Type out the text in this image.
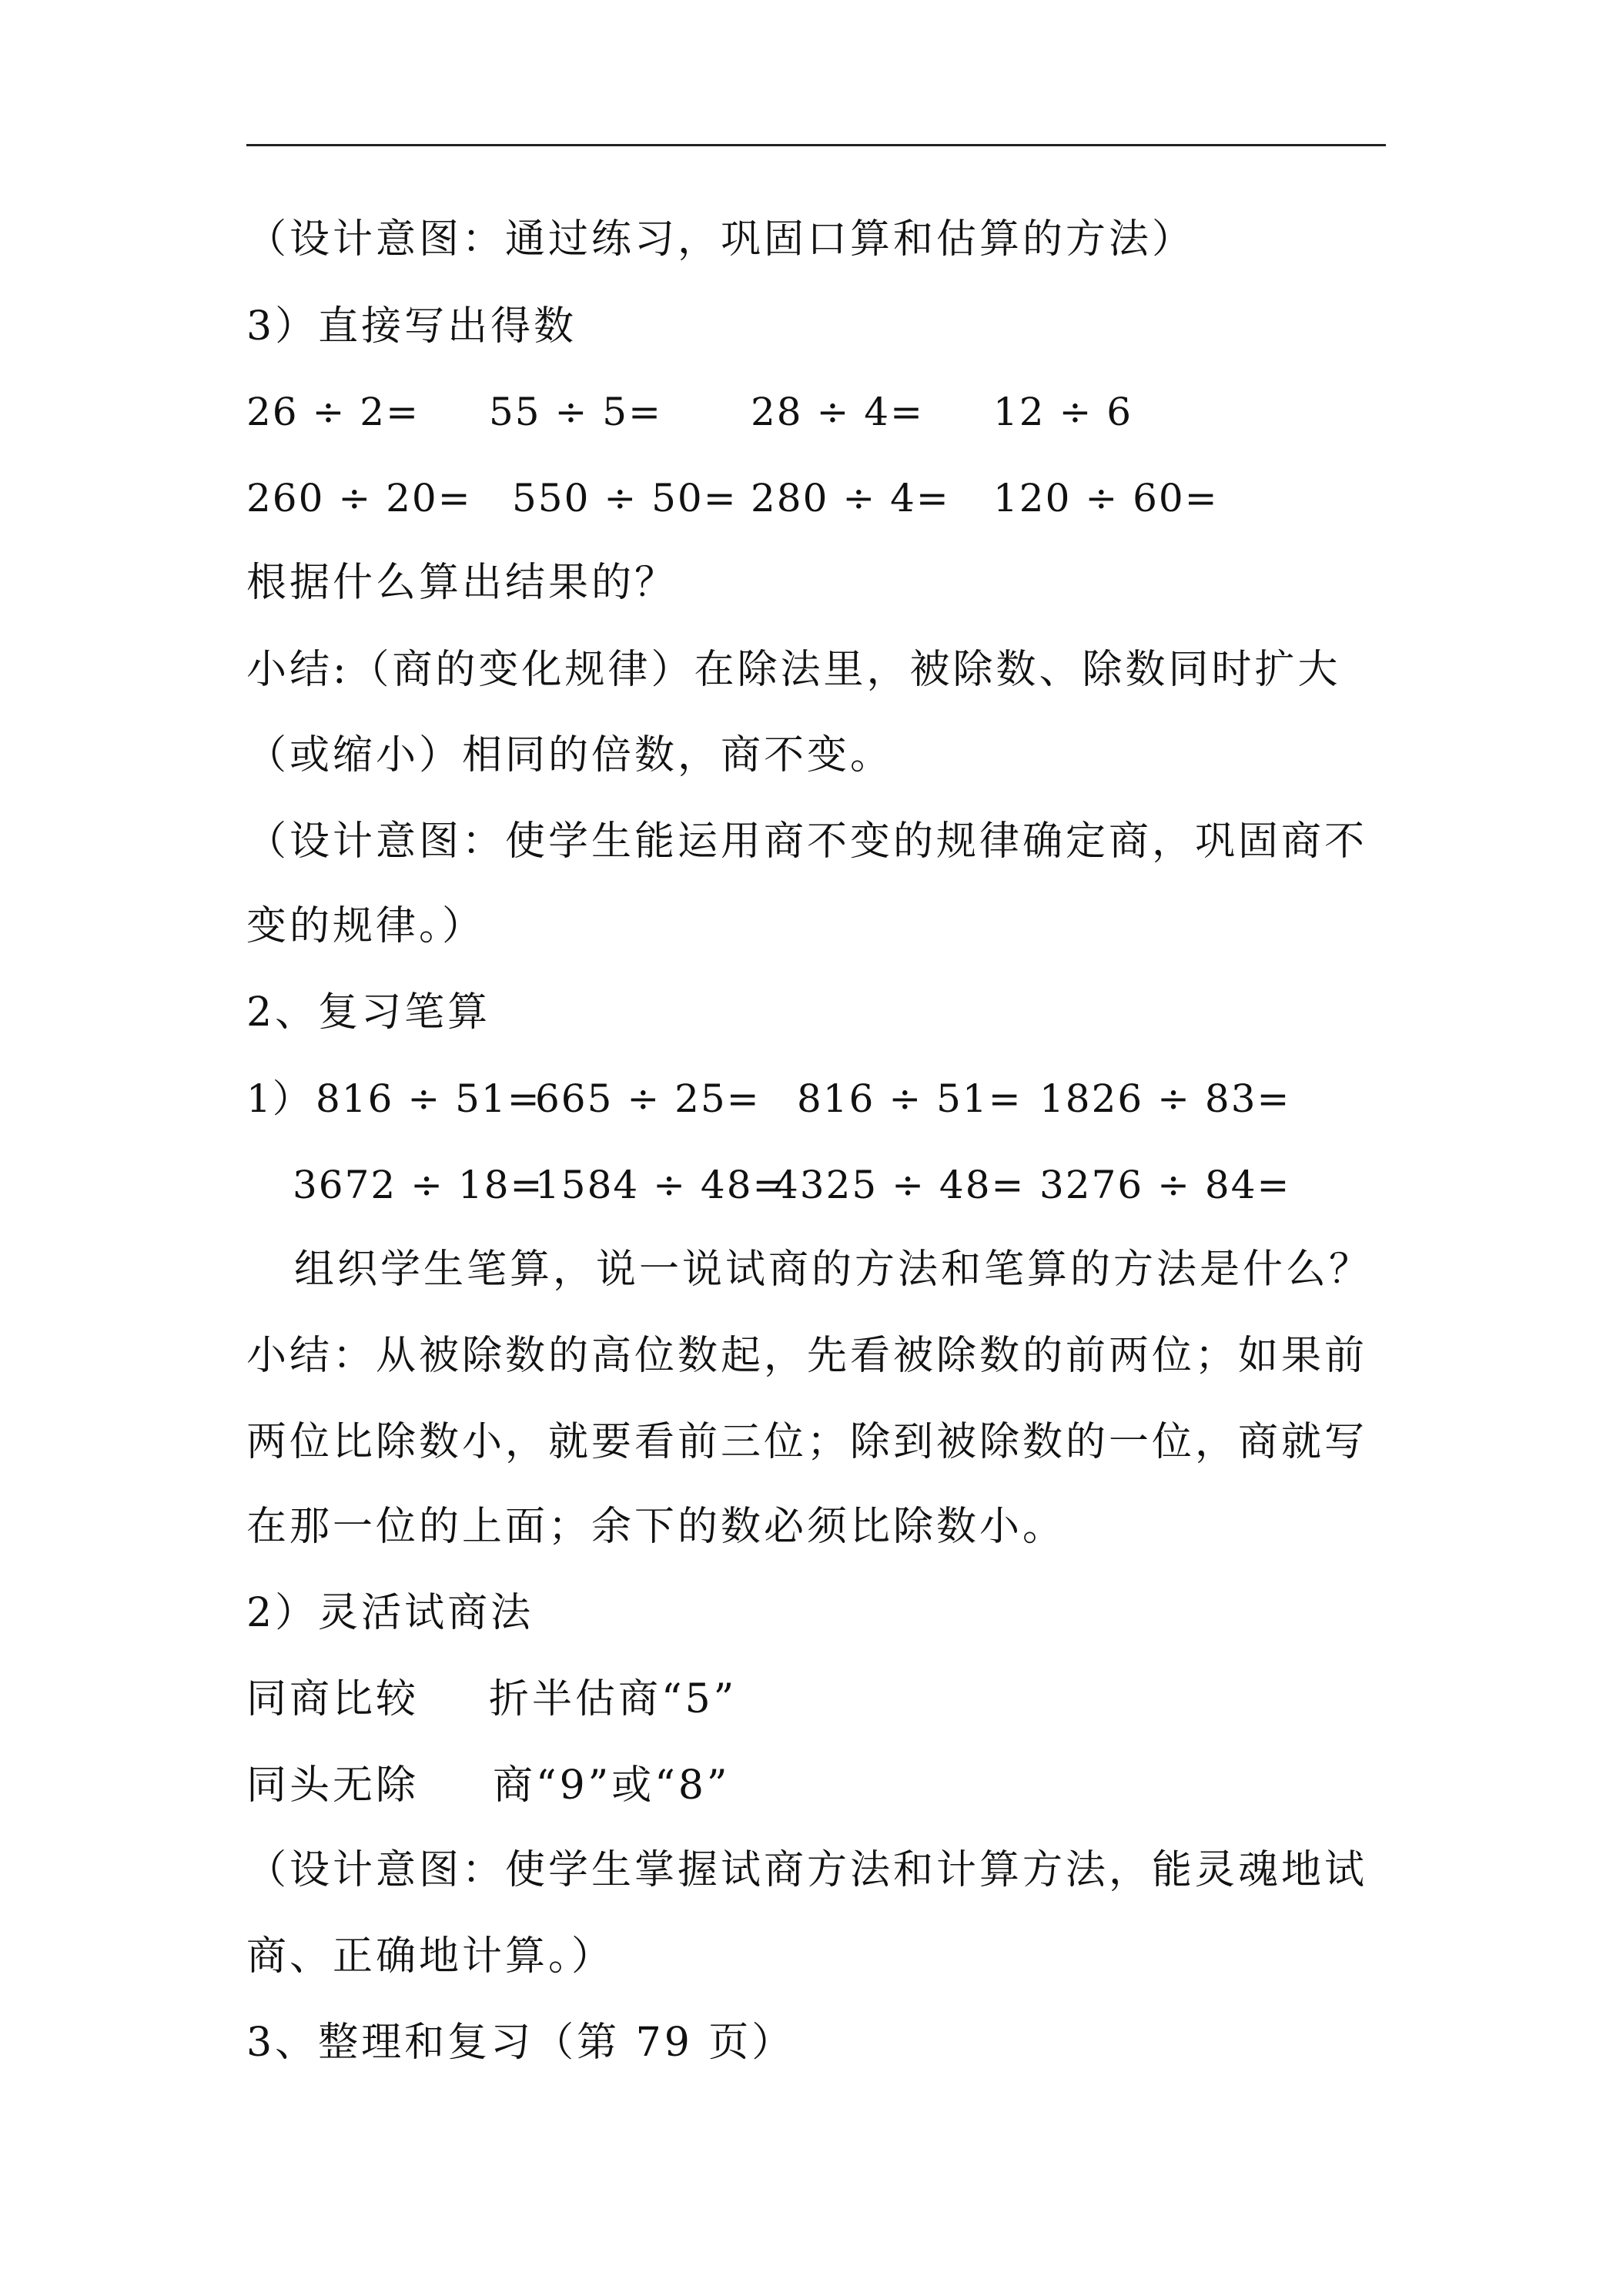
（设计意图：通过练习，巩固口算和估算的方法）
3）直接写出得数
26 ÷ 2= 55 ÷ 5= 28 ÷ 4= 12 ÷ 6
260 ÷ 20= 550 ÷ 50= 280 ÷ 4= 120 ÷ 60=
根据什么算出结果的？
小结:（商的变化规律）在除法里，被除数、除数同时扩大
（或缩小）相同的倍数，商不变。
（设计意图：使学生能运用商不变的规律确定商，巩固商不
变的规律。）
2、复习笔算
1） 816 ÷ 51=
665 ÷ 25= 816 ÷ 51= 1826 ÷ 83=
3672 ÷ 18=
1584 ÷ 48=
4325 ÷ 48= 3276 ÷ 84=
组织学生笔算，说一说试商的方法和笔算的方法是什么？
小结：从被除数的高位数起，先看被除数的前两位；如果前
两位比除数小，就要看前三位；除到被除数的一位，商就写
在那一位的上面；余下的数必须比除数小。
2）灵活试商法
同商比较 折半估商“5”
同头无除 商“9”或“8”
（设计意图：使学生掌握试商方法和计算方法，能灵魂地试
商、正确地计算。）
3、整理和复习（第 79 页）
